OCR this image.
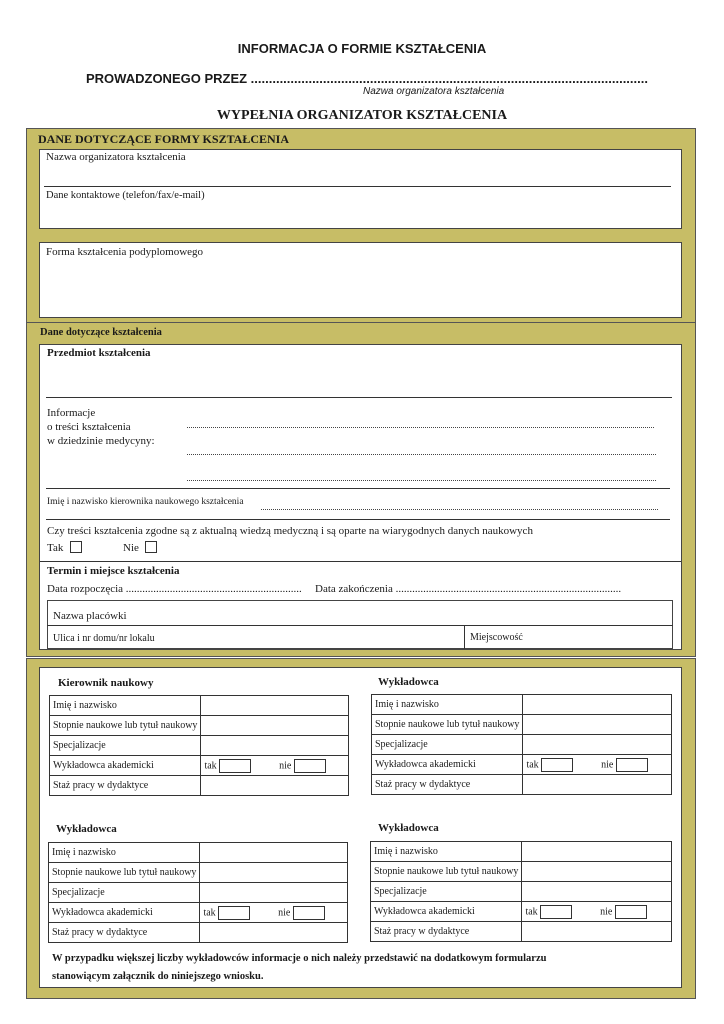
INFORMACJA O FORMIE KSZTAŁCENIA
PROWADZONEGO PRZEZ ..............................................................................................................
Nazwa organizatora kształcenia
WYPEŁNIA ORGANIZATOR KSZTAŁCENIA
DANE DOTYCZĄCE FORMY KSZTAŁCENIA
Nazwa organizatora kształcenia
Dane kontaktowe (telefon/fax/e-mail)
Forma kształcenia podyplomowego
Dane dotyczące kształcenia
Przedmiot kształcenia
Informacje
o treści kształcenia
w dziedzinie medycyny:
Imię i nazwisko kierownika naukowego kształcenia
Czy treści kształcenia zgodne są z aktualną wiedzą medyczną i są oparte na wiarygodnych danych naukowych
Tak	Nie
Termin i miejsce kształcenia
Data rozpoczęcia ................................................................ Data zakończenia ..................................................................................
Nazwa placówki
Ulica i nr domu/nr lokalu	Miejscowość
Kierownik naukowy	Wykładowca
Wykładowca	Wykładowca
Imię i nazwisko	
Stopnie naukowe lub tytuł naukowy	
Specjalizacje	
Wykładowca akademicki	tak nie
Staż pracy w dydaktyce	
Imię i nazwisko	
Stopnie naukowe lub tytuł naukowy	
Specjalizacje	
Wykładowca akademicki	tak nie
Staż pracy w dydaktyce	
Imię i nazwisko	
Stopnie naukowe lub tytuł naukowy	
Specjalizacje	
Wykładowca akademicki	tak nie
Staż pracy w dydaktyce	
Imię i nazwisko	
Stopnie naukowe lub tytuł naukowy	
Specjalizacje	
Wykładowca akademicki	tak nie
Staż pracy w dydaktyce	
W przypadku większej liczby wykładowców informacje o nich należy przedstawić na dodatkowym formularzu
stanowiącym załącznik do niniejszego wniosku.
